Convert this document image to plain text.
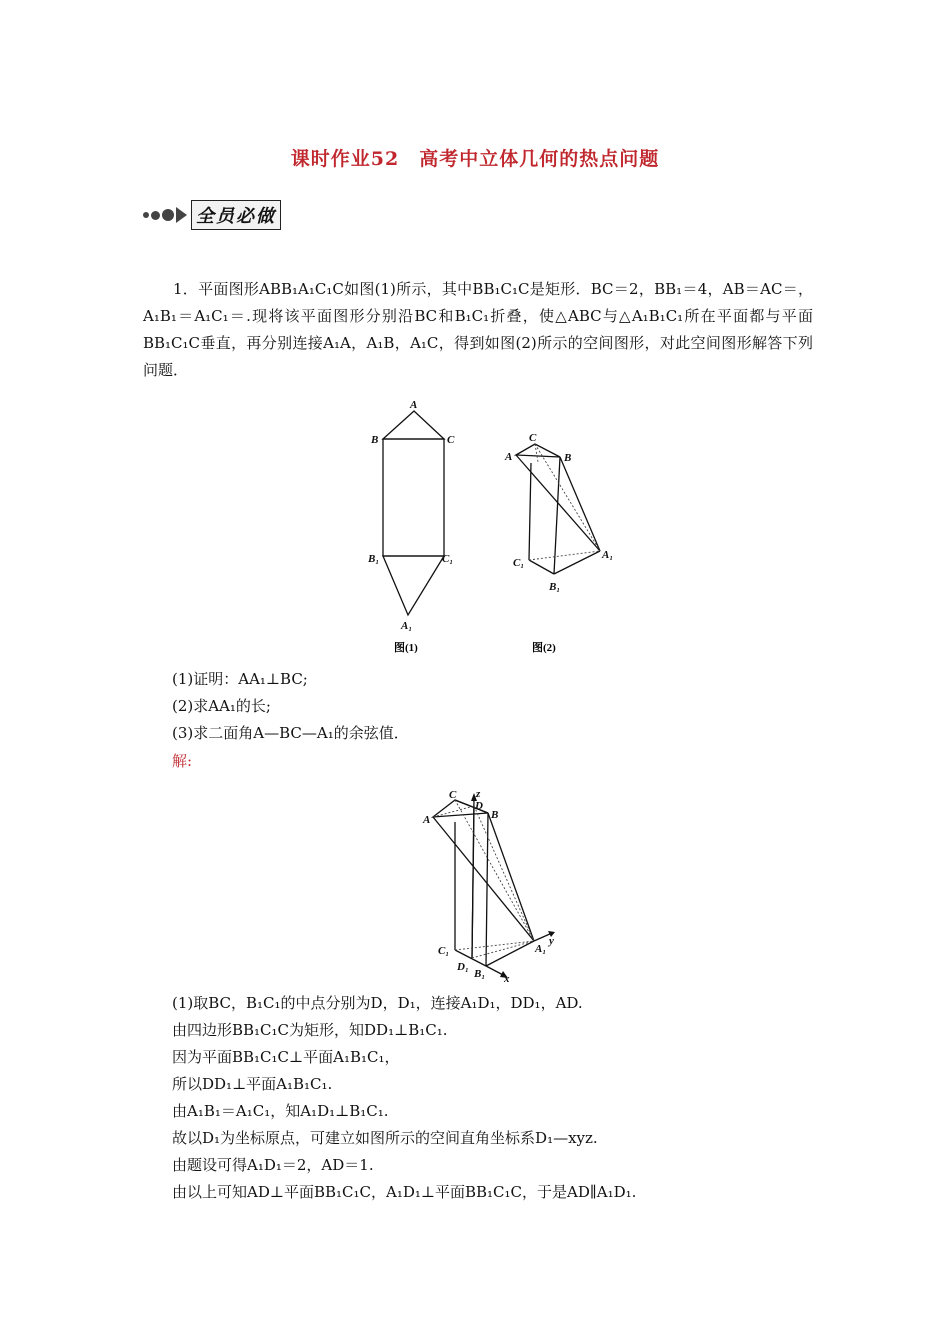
课时作业52　高考中立体几何的热点问题
全员必做
1．平面图形ABB₁A₁C₁C如图(1)所示，其中BB₁C₁C是矩形．BC＝2，BB₁＝4，AB＝AC＝，A₁B₁＝A₁C₁＝.现将该平面图形分别沿BC和B₁C₁折叠，使△ABC与△A₁B₁C₁所在平面都与平面BB₁C₁C垂直，再分别连接A₁A，A₁B，A₁C，得到如图(2)所示的空间图形，对此空间图形解答下列问题．
A
B	C
B₁	C₁
A₁
图(1)
C
A	B
C₁
B₁
A₁
图(2)
(1)证明：AA₁⊥BC;
(2)求AA₁的长;
(3)求二面角A—BC—A₁的余弦值．
解:
C z
D
A	B
y
C₁	A₁
D₁
B₁ x
(1)取BC，B₁C₁的中点分别为D，D₁，连接A₁D₁，DD₁，AD.
由四边形BB₁C₁C为矩形，知DD₁⊥B₁C₁.
因为平面BB₁C₁C⊥平面A₁B₁C₁，
所以DD₁⊥平面A₁B₁C₁.
由A₁B₁＝A₁C₁，知A₁D₁⊥B₁C₁.
故以D₁为坐标原点，可建立如图所示的空间直角坐标系D₁—xyz.
由题设可得A₁D₁＝2，AD＝1.
由以上可知AD⊥平面BB₁C₁C，A₁D₁⊥平面BB₁C₁C，于是AD∥A₁D₁.
